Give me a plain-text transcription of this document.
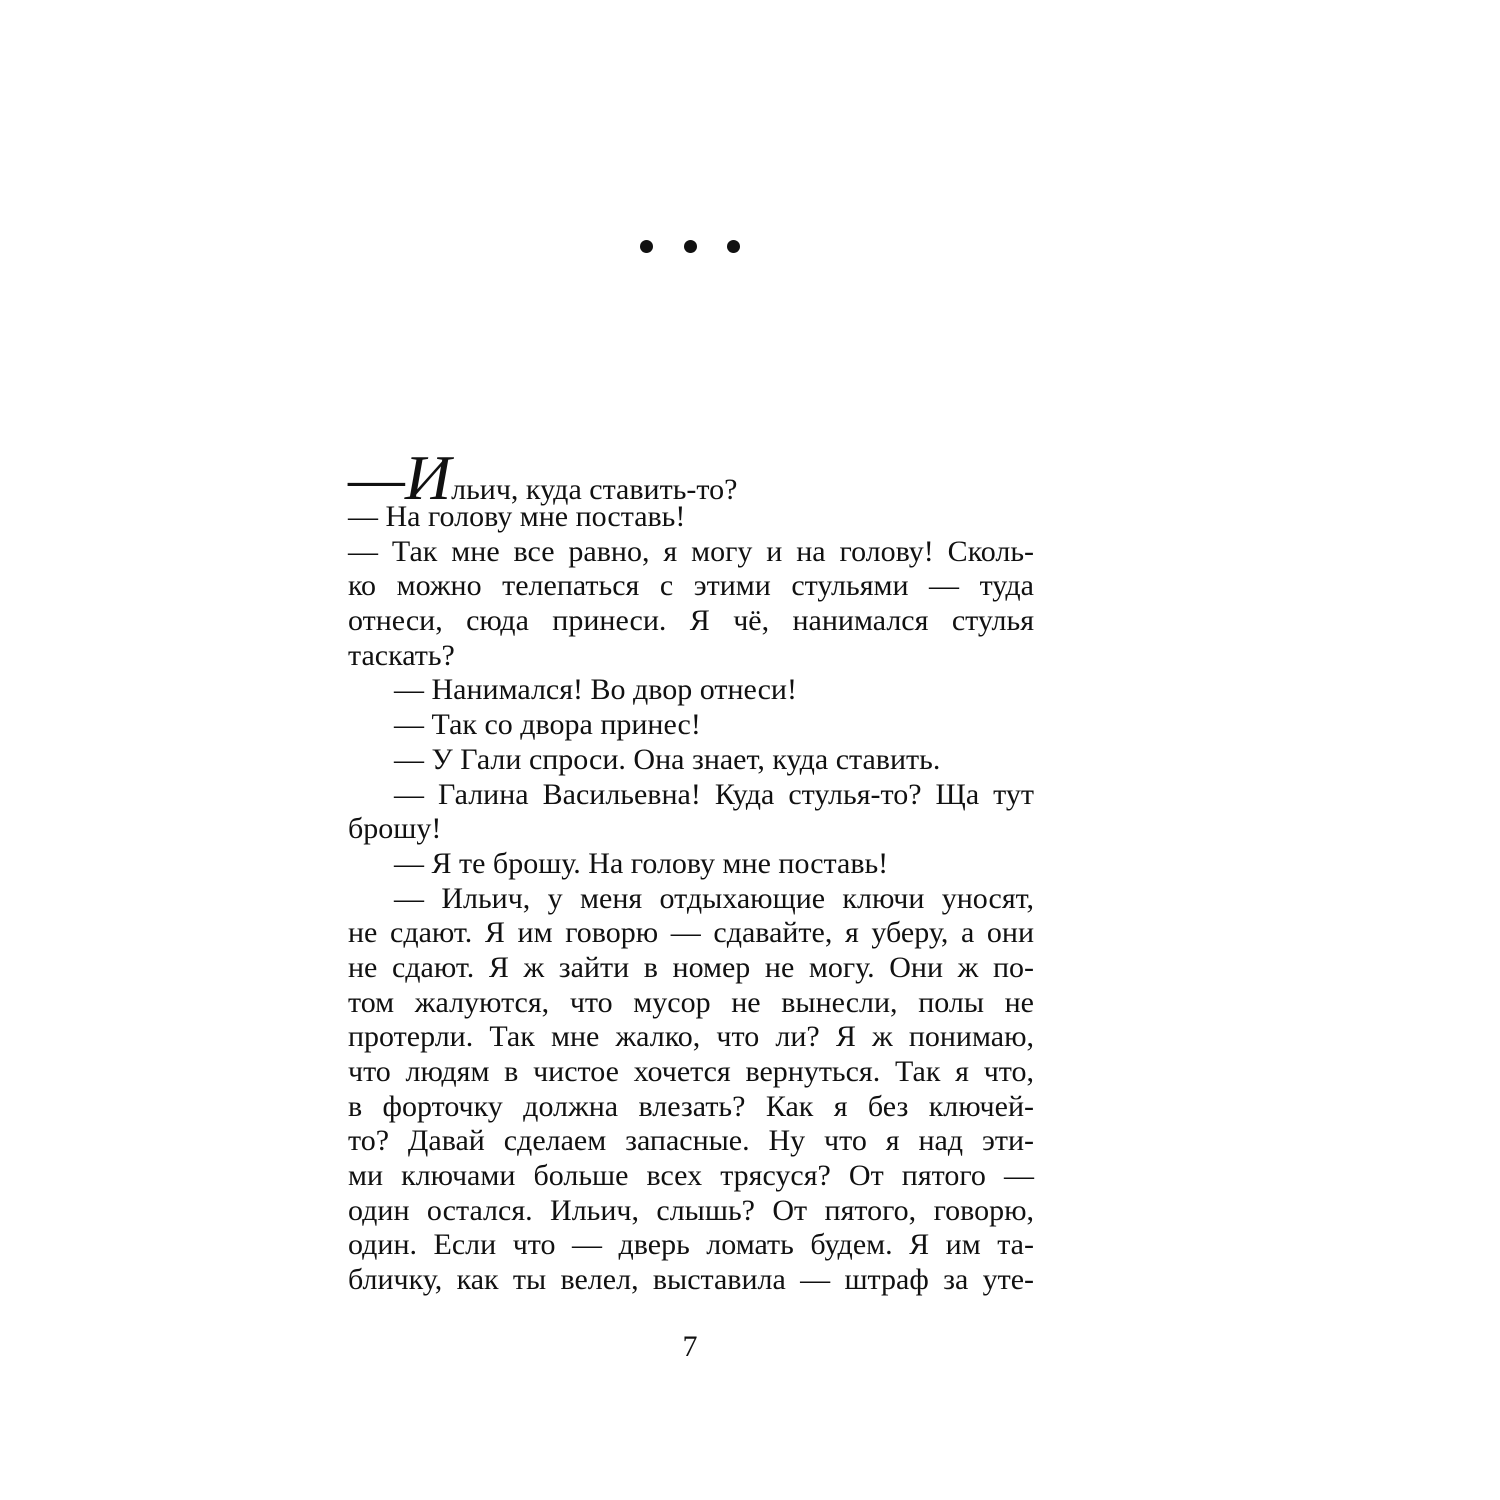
—И льич, куда ставить-то?
— На голову мне поставь!
— Так мне все равно, я могу и на голову! Сколь-
ко можно телепаться с этими стульями — туда
отнеси, сюда принеси. Я чё, нанимался стулья
таскать?
— Нанимался! Во двор отнеси!
— Так со двора принес!
— У Гали спроси. Она знает, куда ставить.
— Галина Васильевна! Куда стулья-то? Ща тут
брошу!
— Я те брошу. На голову мне поставь!
— Ильич, у меня отдыхающие ключи уносят,
не сдают. Я им говорю — сдавайте, я уберу, а они
не сдают. Я ж зайти в номер не могу. Они ж по-
том жалуются, что мусор не вынесли, полы не
протерли. Так мне жалко, что ли? Я ж понимаю,
что людям в чистое хочется вернуться. Так я что,
в форточку должна влезать? Как я без ключей-
то? Давай сделаем запасные. Ну что я над эти-
ми ключами больше всех трясуся? От пятого —
один остался. Ильич, слышь? От пятого, говорю,
один. Если что — дверь ломать будем. Я им та-
бличку, как ты велел, выставила — штраф за уте-
7
